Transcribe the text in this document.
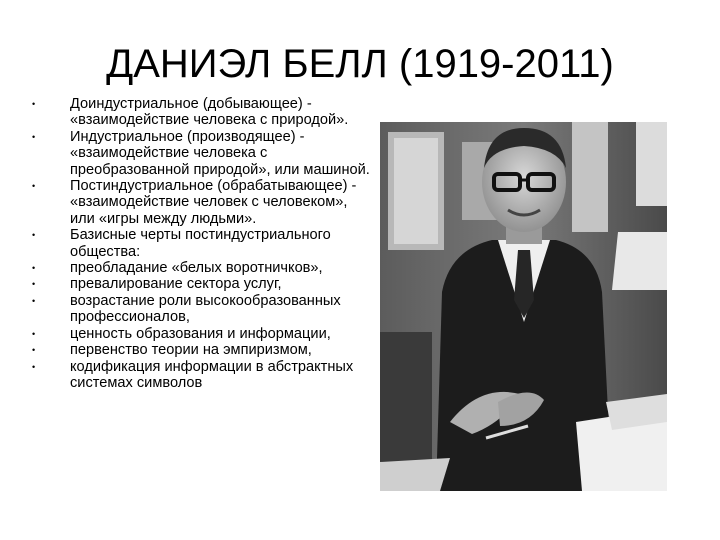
ДАНИЭЛ БЕЛЛ (1919-2011)
• Доиндустриальное (добывающее) - «взаимодействие человека с природой».
• Индустриальное (производящее) - «взаимодействие человека с преобразованной природой», или машиной.
• Постиндустриальное (обрабатывающее) - «взаимодействие человек с человеком», или «игры между людьми».
• Базисные черты постиндустриального общества:
• преобладание «белых воротничков»,
• превалирование сектора услуг,
• возрастание роли высокообразованных профессионалов,
• ценность образования и информации,
• первенство теории на эмпиризмом,
• кодификация информации в абстрактных системах символов
